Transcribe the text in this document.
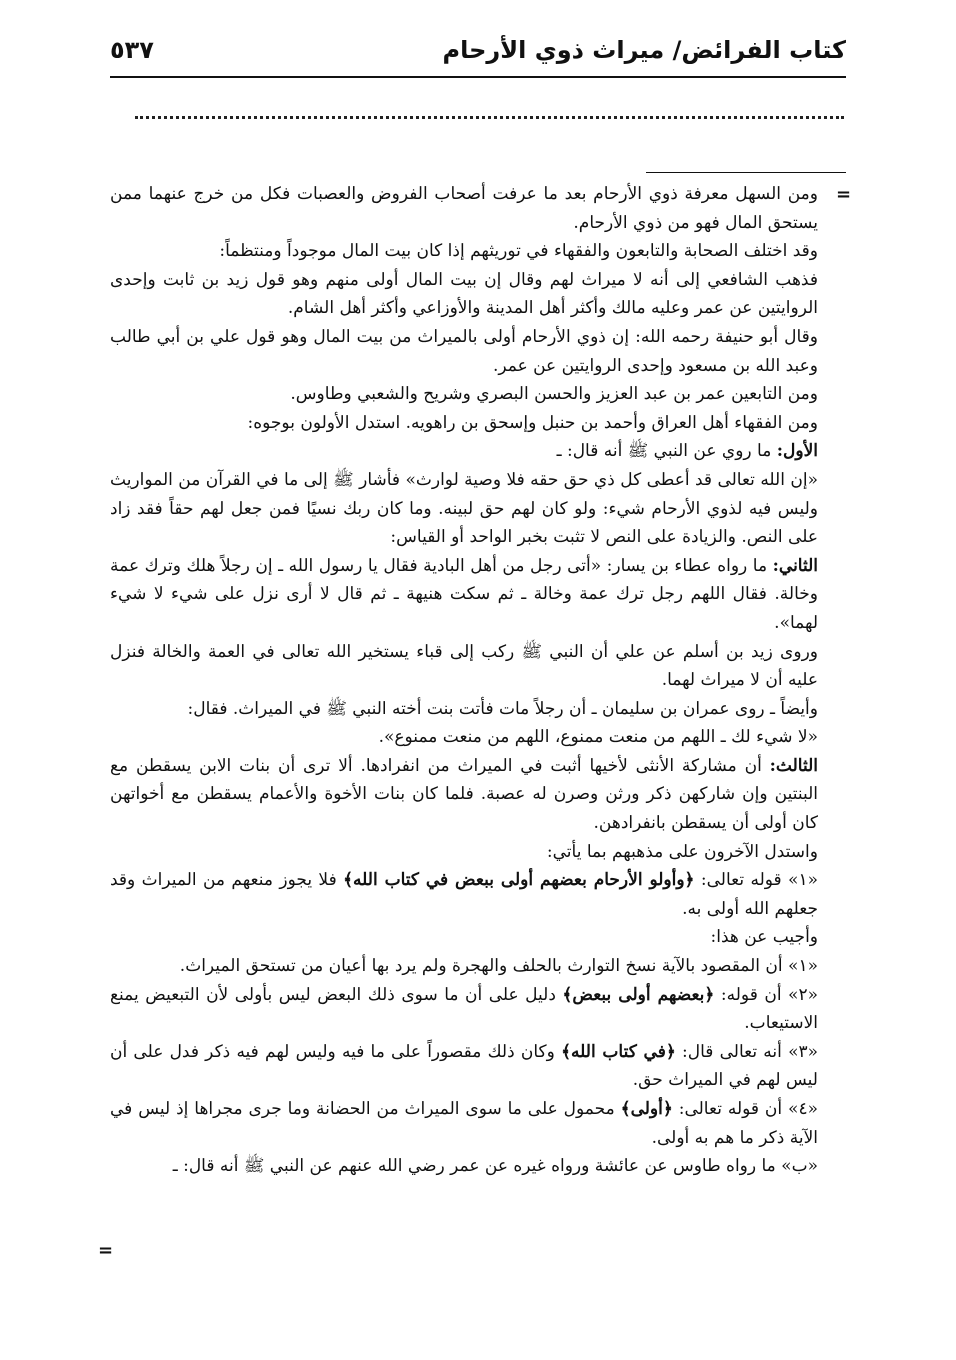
كتاب الفرائض/ ميراث ذوي الأرحام
٥٣٧
=
=

ومن السهل معرفة ذوي الأرحام بعد ما عرفت أصحاب الفروض والعصبات فكل من خرج عنهما ممن يستحق المال فهو من ذوي الأرحام.

وقد اختلف الصحابة والتابعون والفقهاء في توريثهم إذا كان بيت المال موجوداً ومنتظماً:

فذهب الشافعي إلى أنه لا ميراث لهم وقال إن بيت المال أولى منهم وهو قول زيد بن ثابت وإحدى الروايتين عن عمر وعليه مالك وأكثر أهل المدينة والأوزاعي وأكثر أهل الشام.

وقال أبو حنيفة رحمه الله: إن ذوي الأرحام أولى بالميراث من بيت المال وهو قول علي بن أبي طالب وعبد الله بن مسعود وإحدى الروايتين عن عمر.

ومن التابعين عمر بن عبد العزيز والحسن البصري وشريح والشعبي وطاوس.

ومن الفقهاء أهل العراق وأحمد بن حنبل وإسحق بن راهويه. استدل الأولون بوجوه:

الأول: ما روي عن النبي ﷺ أنه قال: ـ

«إن الله تعالى قد أعطى كل ذي حق حقه فلا وصية لوارث» فأشار ﷺ إلى ما في القرآن من المواريث وليس فيه لذوي الأرحام شيء: ولو كان لهم حق لبينه. وما كان ربك نسيًا فمن جعل لهم حقاً فقد زاد على النص. والزيادة على النص لا تثبت بخبر الواحد أو القياس:

الثاني: ما رواه عطاء بن يسار: «أتى رجل من أهل البادية فقال يا رسول الله ـ إن رجلاً هلك وترك عمة وخالة. فقال اللهم رجل ترك عمة وخالة ـ ثم سكت هنيهة ـ ثم قال لا أرى نزل على شيء لا شيء لهما».

وروى زيد بن أسلم عن علي أن النبي ﷺ ركب إلى قباء يستخير الله تعالى في العمة والخالة فنزل عليه أن لا ميراث لهما.

وأيضاً ـ روى عمران بن سليمان ـ أن رجلاً مات فأتت بنت أخته النبي ﷺ في الميراث. فقال:

«لا شيء لك ـ اللهم من منعت ممنوع، اللهم من منعت ممنوع».

الثالث: أن مشاركة الأنثى لأخيها أثبت في الميراث من انفرادها. ألا ترى أن بنات الابن يسقطن مع البنتين وإن شاركهن ذكر ورثن وصرن له عصبة. فلما كان بنات الأخوة والأعمام يسقطن مع أخواتهن كان أولى أن يسقطن بانفرادهن.

واستدل الآخرون على مذهبهم بما يأتي:

«١» قوله تعالى: ﴿وأولو الأرحام بعضهم أولى ببعض في كتاب الله﴾ فلا يجوز منعهم من الميراث وقد جعلهم الله أولى به.

وأجيب عن هذا:

«١» أن المقصود بالآية نسخ التوارث بالحلف والهجرة ولم يرد بها أعيان من تستحق الميراث.

«٢» أن قوله: ﴿بعضهم أولى ببعض﴾ دليل على أن ما سوى ذلك البعض ليس بأولى لأن التبعيض يمنع الاستيعاب.

«٣» أنه تعالى قال: ﴿في كتاب الله﴾ وكان ذلك مقصوراً على ما فيه وليس لهم فيه ذكر فدل على أن ليس لهم في الميراث حق.

«٤» أن قوله تعالى: ﴿أولى﴾ محمول على ما سوى الميراث من الحضانة وما جرى مجراها إذ ليس في الآية ذكر ما هم به أولى.

«ب» ما رواه طاوس عن عائشة ورواه غيره عن عمر رضي الله عنهم عن النبي ﷺ أنه قال: ـ
